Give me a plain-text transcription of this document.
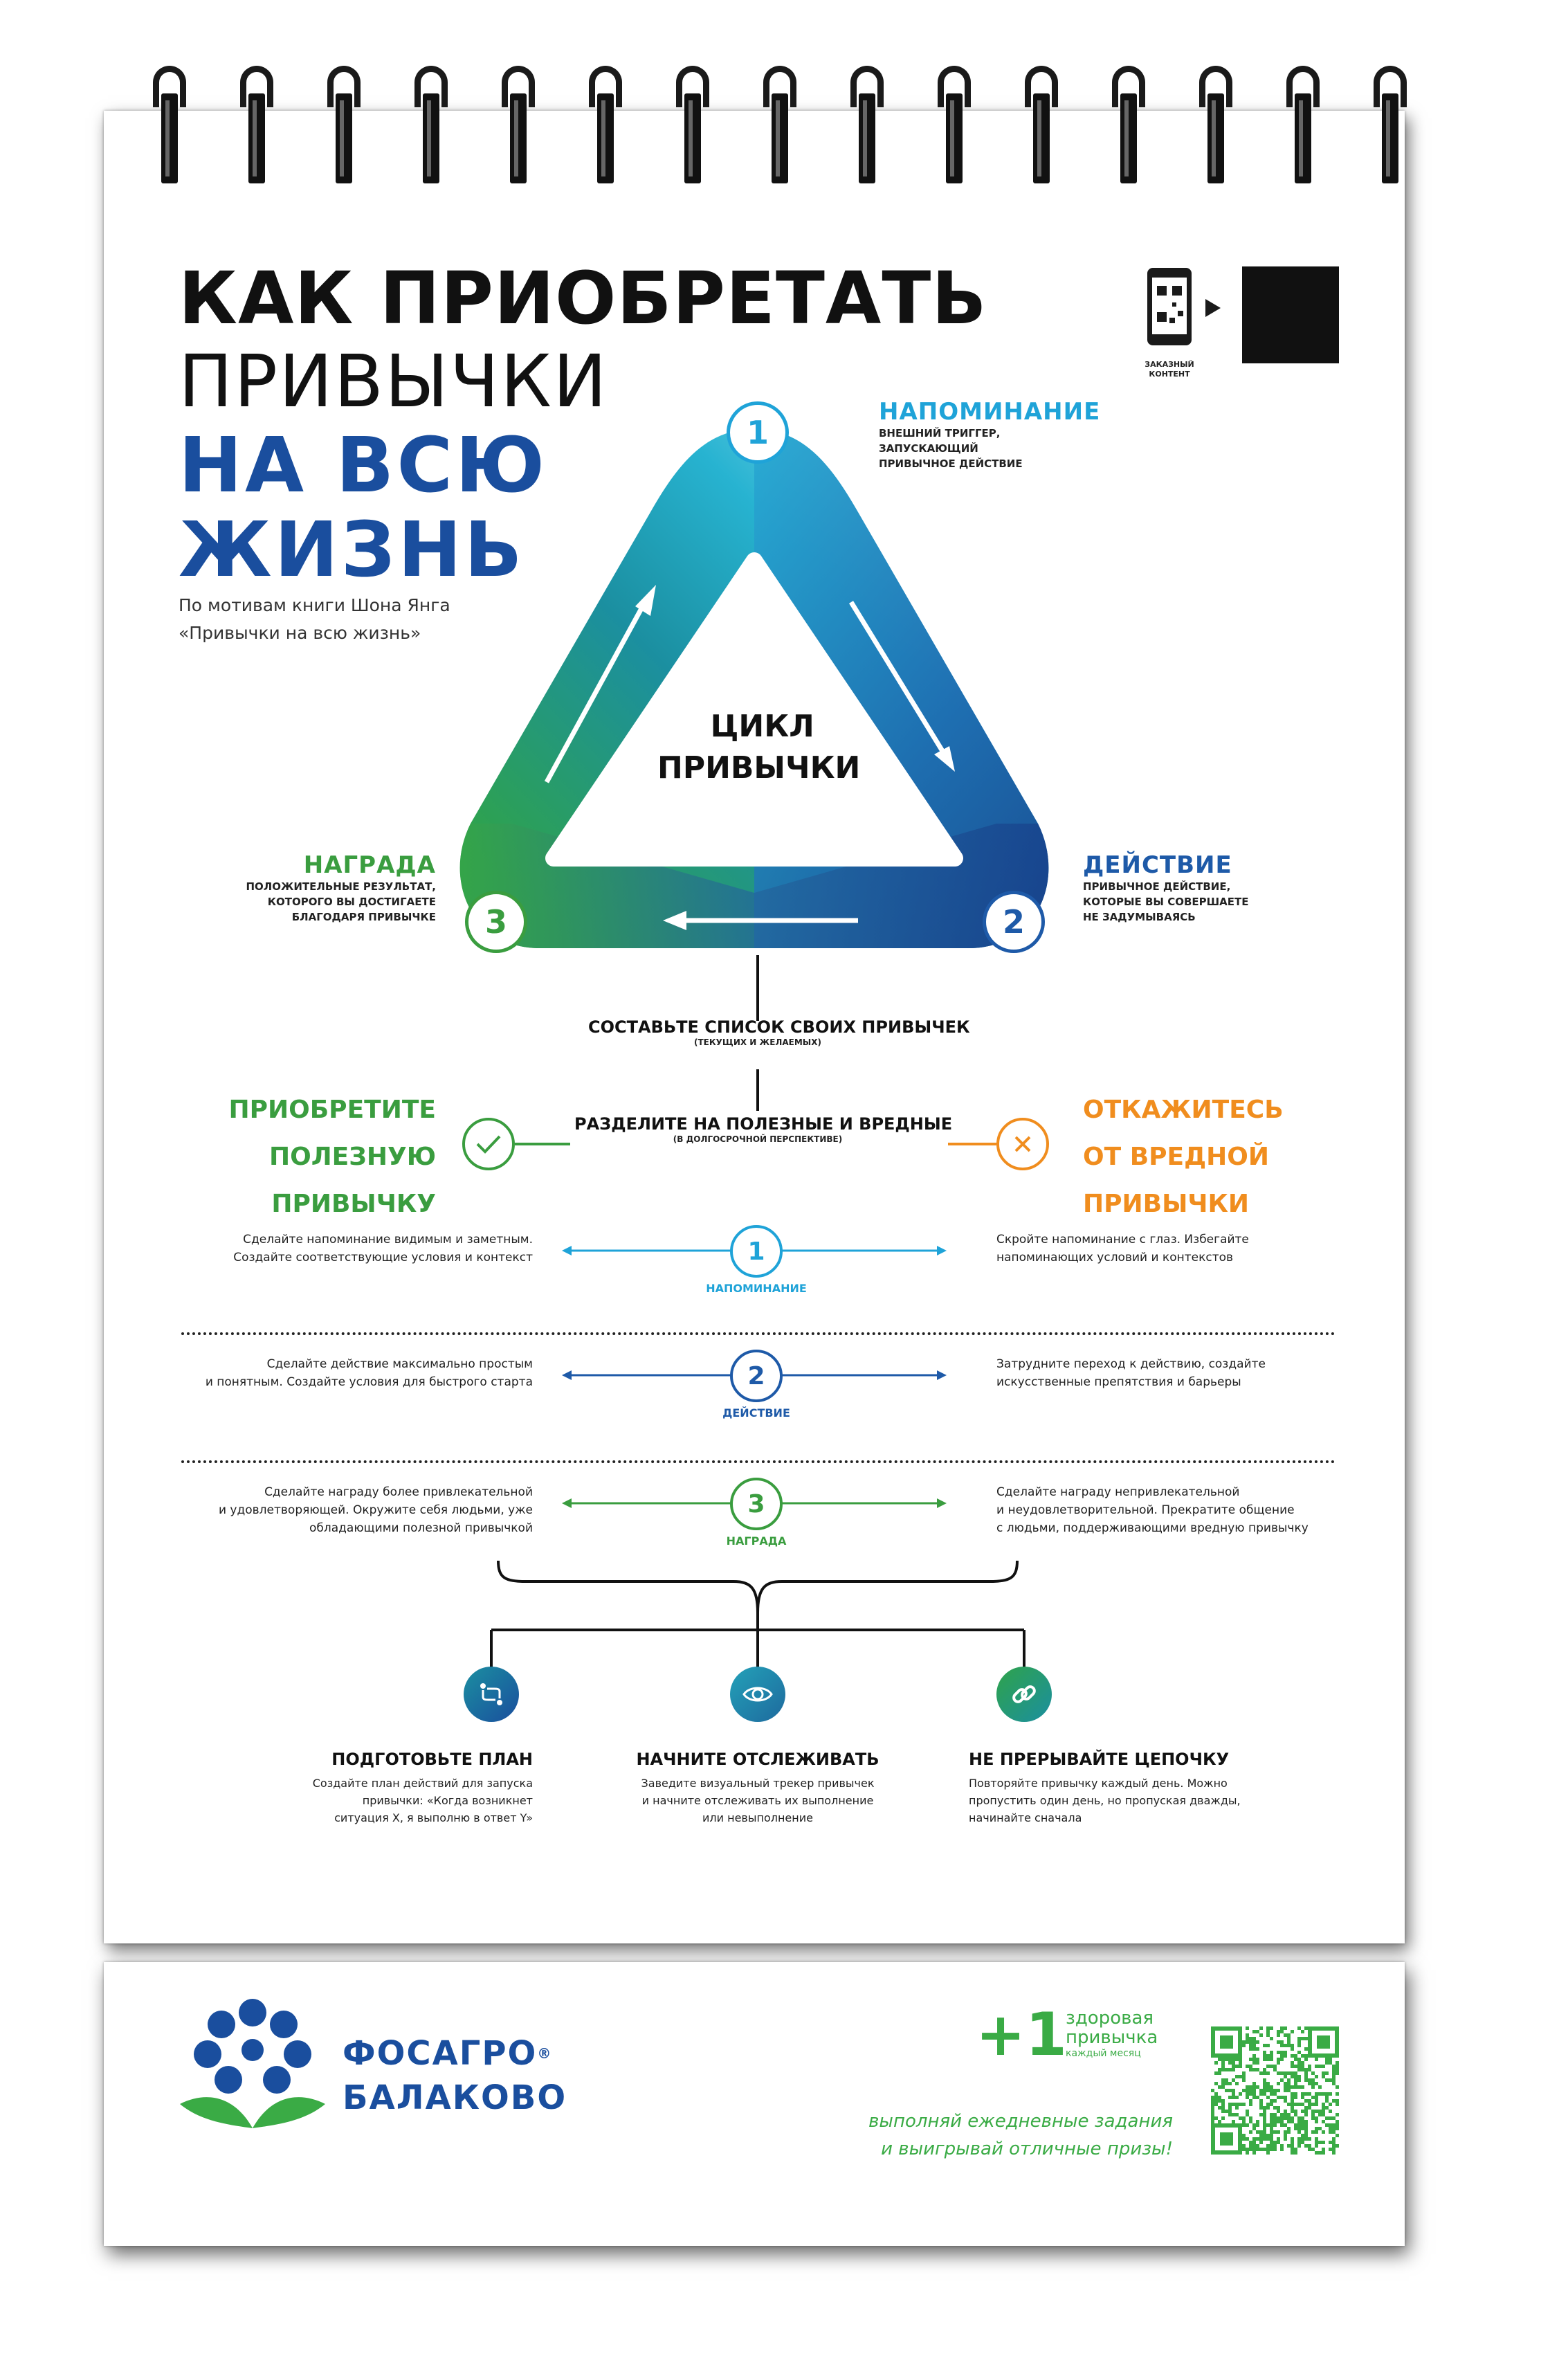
КАК ПРИОБРЕТАТЬ
ПРИВЫЧКИ
НА ВСЮ
ЖИЗНЬ
По мотивам книги Шона Янга
«Привычки на всю жизнь»
ЗАКАЗНЫЙ КОНТЕНТ
ЦИКЛ
ПРИВЫЧКИ
1
2
3
НАПОМИНАНИЕ
ВНЕШНИЙ ТРИГГЕР,
ЗАПУСКАЮЩИЙ
ПРИВЫЧНОЕ ДЕЙСТВИЕ
ДЕЙСТВИЕ
ПРИВЫЧНОЕ ДЕЙСТВИЕ,
КОТОРЫЕ ВЫ СОВЕРШАЕТЕ
НЕ ЗАДУМЫВАЯСЬ
НАГРАДА
ПОЛОЖИТЕЛЬНЫЕ РЕЗУЛЬТАТ,
КОТОРОГО ВЫ ДОСТИГАЕТЕ
БЛАГОДАРЯ ПРИВЫЧКЕ
СОСТАВЬТЕ СПИСОК СВОИХ ПРИВЫЧЕК
(ТЕКУЩИХ И ЖЕЛАЕМЫХ)
РАЗДЕЛИТЕ НА ПОЛЕЗНЫЕ И ВРЕДНЫЕ
(В ДОЛГОСРОЧНОЙ ПЕРСПЕКТИВЕ)
ПРИОБРЕТИТЕ
ПОЛЕЗНУЮ
ПРИВЫЧКУ
ОТКАЖИТЕСЬ
ОТ ВРЕДНОЙ
ПРИВЫЧКИ
Сделайте напоминание видимым и заметным.
Создайте соответствующие условия и контекст
Скройте напоминание с глаз. Избегайте
напоминающих условий и контекстов
1
НАПОМИНАНИЕ
Сделайте действие максимально простым
и понятным. Создайте условия для быстрого старта
Затрудните переход к действию, создайте
искусственные препятствия и барьеры
2
ДЕЙСТВИЕ
Сделайте награду более привлекательной
и удовлетворяющей. Окружите себя людьми, уже
обладающими полезной привычкой
Сделайте награду непривлекательной
и неудовлетворительной. Прекратите общение
с людьми, поддерживающими вредную привычку
3
НАГРАДА
ПОДГОТОВЬТЕ ПЛАН
Создайте план действий для запуска
привычки: «Когда возникнет
ситуация X, я выполню в ответ Y»
НАЧНИТЕ ОТСЛЕЖИВАТЬ
Заведите визуальный трекер привычек
и начните отслеживать их выполнение
или невыполнение
НЕ ПРЕРЫВАЙТЕ ЦЕПОЧКУ
Повторяйте привычку каждый день. Можно
пропустить один день, но пропуская дважды,
начинайте сначала
ФОСАГРО®
БАЛАКОВО
+1
здоровая
привычка
каждый месяц
выполняй ежедневные задания
и выигрывай отличные призы!
